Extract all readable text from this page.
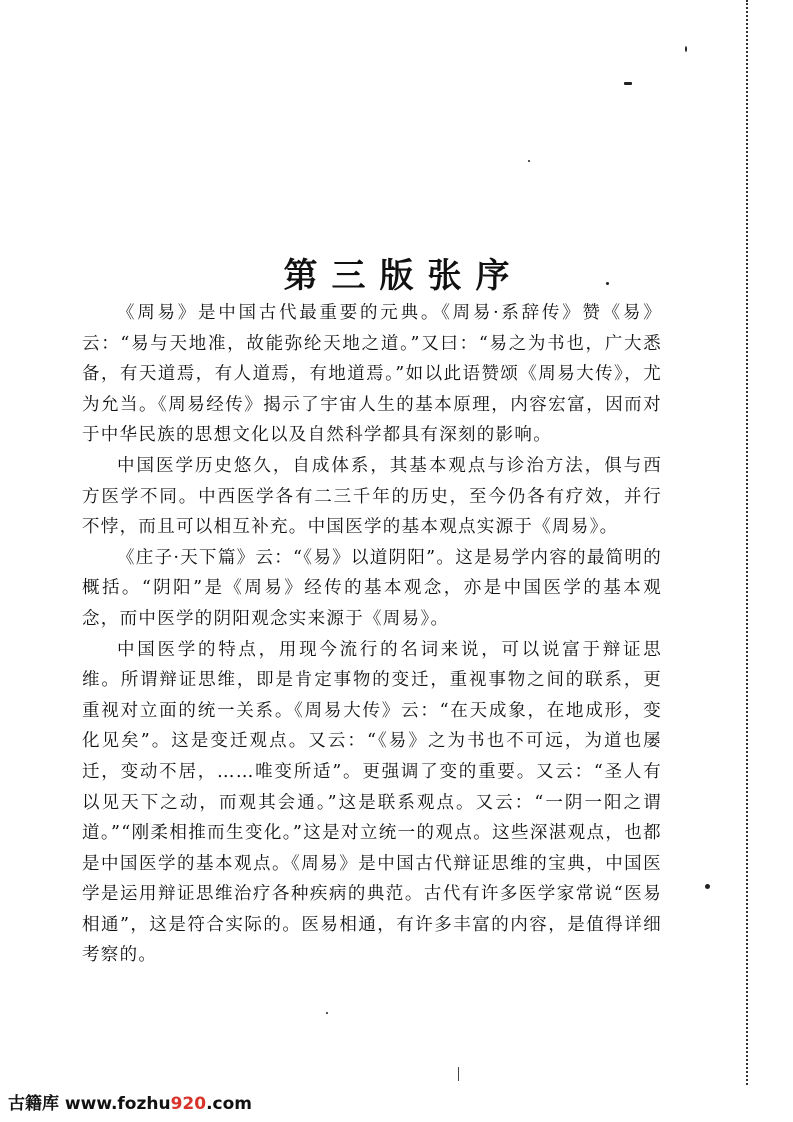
第三版张序

《周易》是中国古代最重要的元典。《周易·系辞传》赞《易》云：“易与天地准，故能弥纶天地之道。”又曰：“易之为书也，广大悉备，有天道焉，有人道焉，有地道焉。”如以此语赞颂《周易大传》，尤为允当。《周易经传》揭示了宇宙人生的基本原理，内容宏富，因而对于中华民族的思想文化以及自然科学都具有深刻的影响。

中国医学历史悠久，自成体系，其基本观点与诊治方法，俱与西方医学不同。中西医学各有二三千年的历史，至今仍各有疗效，并行不悖，而且可以相互补充。中国医学的基本观点实源于《周易》。

《庄子·天下篇》云：“《易》以道阴阳”。这是易学内容的最简明的概括。“阴阳”是《周易》经传的基本观念，亦是中国医学的基本观念，而中医学的阴阳观念实来源于《周易》。

中国医学的特点，用现今流行的名词来说，可以说富于辩证思维。所谓辩证思维，即是肯定事物的变迁，重视事物之间的联系，更重视对立面的统一关系。《周易大传》云：“在天成象，在地成形，变化见矣”。这是变迁观点。又云：“《易》之为书也不可远，为道也屡迁，变动不居，……唯变所适”。更强调了变的重要。又云：“圣人有以见天下之动，而观其会通。”这是联系观点。又云：“一阴一阳之谓道。”“刚柔相推而生变化。”这是对立统一的观点。这些深湛观点，也都是中国医学的基本观点。《周易》是中国古代辩证思维的宝典，中国医学是运用辩证思维治疗各种疾病的典范。古代有许多医学家常说“医易相通”，这是符合实际的。医易相通，有许多丰富的内容，是值得详细考察的。

古籍库 www.fozhu920.com
